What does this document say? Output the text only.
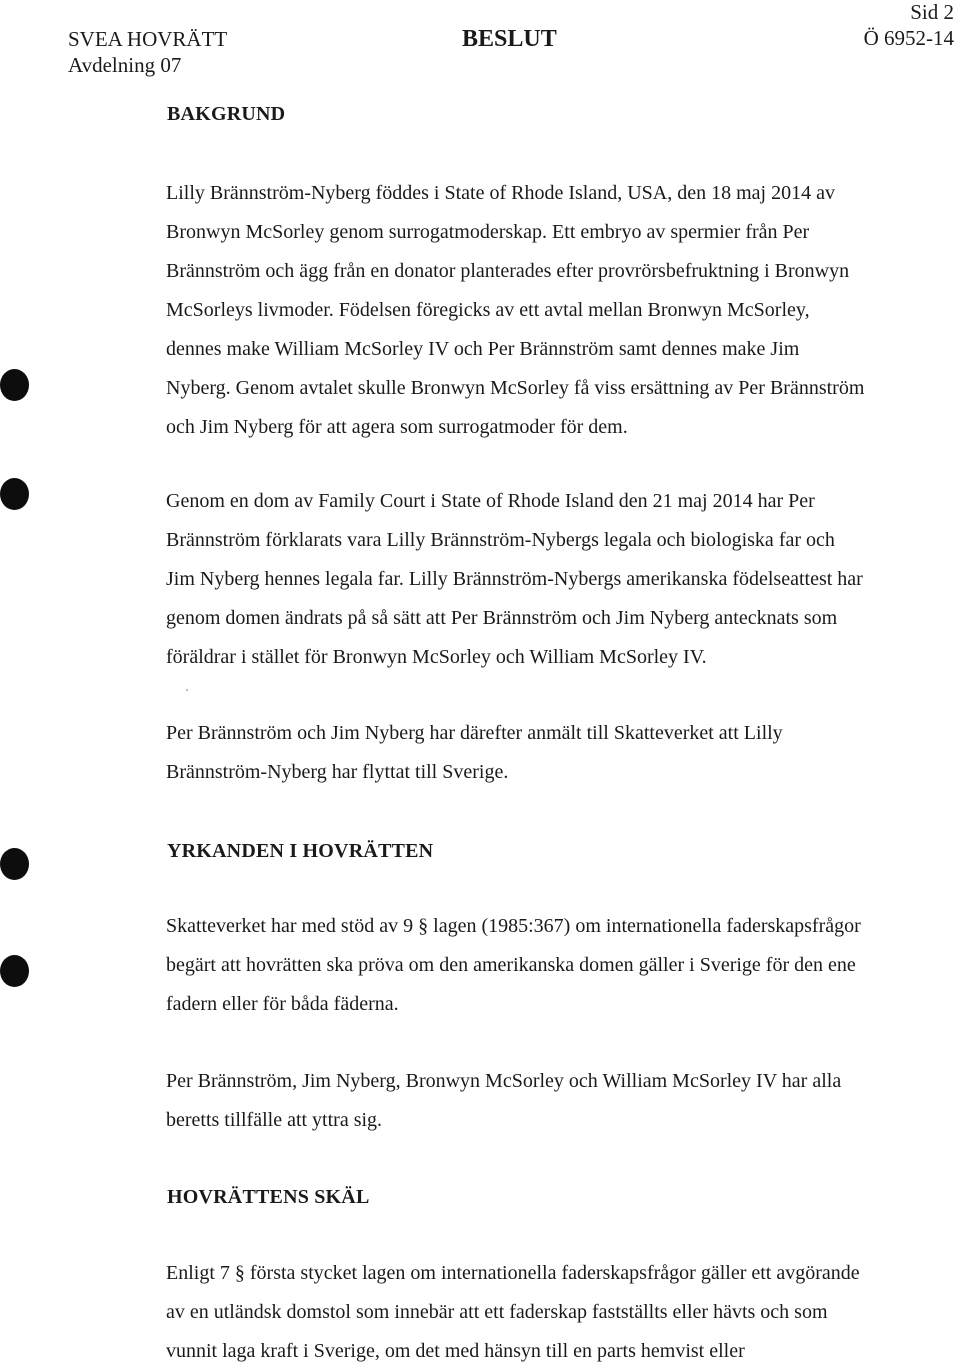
SVEA HOVRÄTT
Avdelning 07
BESLUT
Sid 2
Ö 6952-14
BAKGRUND
Lilly Brännström-Nyberg föddes i State of Rhode Island, USA, den 18 maj 2014 av
Bronwyn McSorley genom surrogatmoderskap. Ett embryo av spermier från Per
Brännström och ägg från en donator planterades efter provrörsbefruktning i Bronwyn
McSorleys livmoder. Födelsen föregicks av ett avtal mellan Bronwyn McSorley,
dennes make William McSorley IV och Per Brännström samt dennes make Jim
Nyberg. Genom avtalet skulle Bronwyn McSorley få viss ersättning av Per Brännström
och Jim Nyberg för att agera som surrogatmoder för dem.
Genom en dom av Family Court i State of Rhode Island den 21 maj 2014 har Per
Brännström förklarats vara Lilly Brännström-Nybergs legala och biologiska far och
Jim Nyberg hennes legala far. Lilly Brännström-Nybergs amerikanska födelseattest har
genom domen ändrats på så sätt att Per Brännström och Jim Nyberg antecknats som
föräldrar i stället för Bronwyn McSorley och William McSorley IV.
Per Brännström och Jim Nyberg har därefter anmält till Skatteverket att Lilly
Brännström-Nyberg har flyttat till Sverige.
YRKANDEN I HOVRÄTTEN
Skatteverket har med stöd av 9 § lagen (1985:367) om internationella faderskapsfrågor
begärt att hovrätten ska pröva om den amerikanska domen gäller i Sverige för den ene
fadern eller för båda fäderna.
Per Brännström, Jim Nyberg, Bronwyn McSorley och William McSorley IV har alla
beretts tillfälle att yttra sig.
HOVRÄTTENS SKÄL
Enligt 7 § första stycket lagen om internationella faderskapsfrågor gäller ett avgörande
av en utländsk domstol som innebär att ett faderskap fastställts eller hävts och som
vunnit laga kraft i Sverige, om det med hänsyn till en parts hemvist eller
